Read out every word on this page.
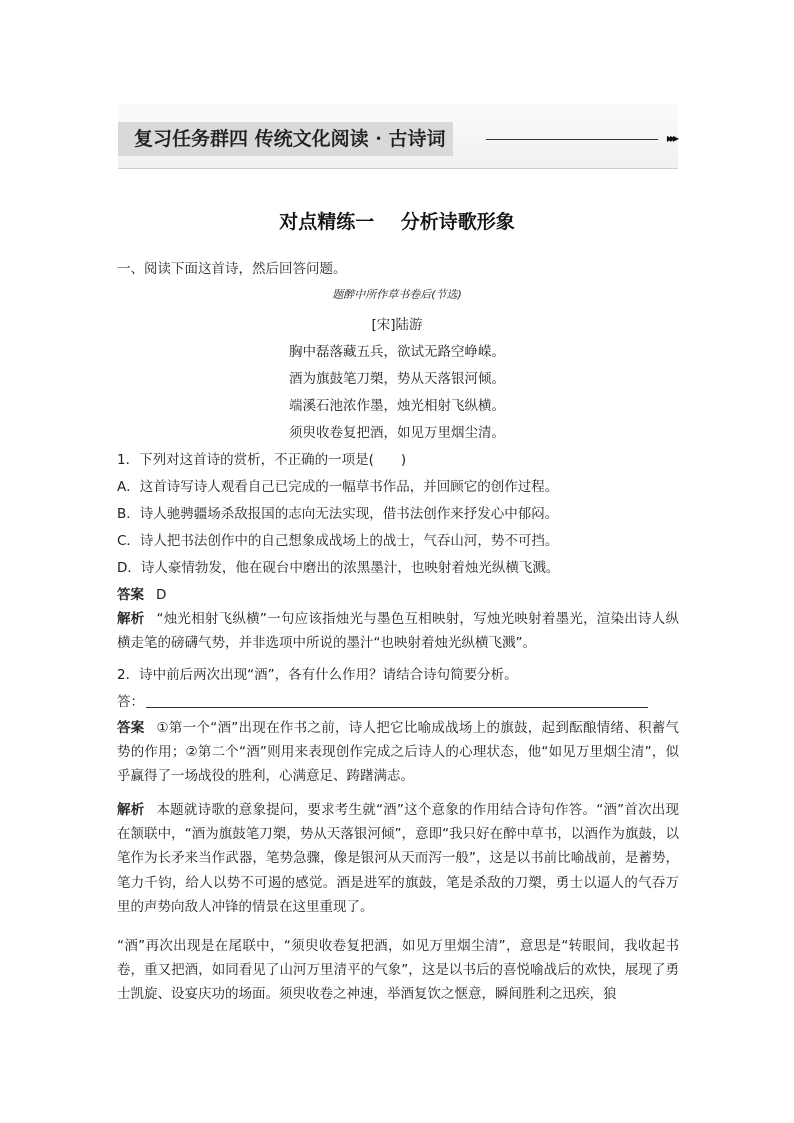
复习任务群四 传统文化阅读 · 古诗词	▸▸▸
对点精练一    分析诗歌形象
一、阅读下面这首诗，然后回答问题。
题醉中所作草书卷后(节选)
[宋]陆游
胸中磊落藏五兵，欲试无路空峥嵘。
酒为旗鼓笔刀槊，势从天落银河倾。
端溪石池浓作墨，烛光相射飞纵横。
须臾收卷复把酒，如见万里烟尘清。
1．下列对这首诗的赏析，不正确的一项是(　　)
A．这首诗写诗人观看自己已完成的一幅草书作品，并回顾它的创作过程。
B．诗人驰骋疆场杀敌报国的志向无法实现，借书法创作来抒发心中郁闷。
C．诗人把书法创作中的自己想象成战场上的战士，气吞山河，势不可挡。
D．诗人豪情勃发，他在砚台中磨出的浓黑墨汁，也映射着烛光纵横飞溅。
答案 D
解析 “烛光相射飞纵横”一句应该指烛光与墨色互相映射，写烛光映射着墨光，渲染出诗人纵横走笔的磅礴气势，并非选项中所说的墨汁“也映射着烛光纵横飞溅”。
2．诗中前后两次出现“酒”，各有什么作用？请结合诗句简要分析。
答：
答案 ①第一个“酒”出现在作书之前，诗人把它比喻成战场上的旗鼓，起到酝酿情绪、积蓄气势的作用；②第二个“酒”则用来表现创作完成之后诗人的心理状态，他“如见万里烟尘清”，似乎赢得了一场战役的胜利，心满意足、踌躇满志。
解析 本题就诗歌的意象提问，要求考生就“酒”这个意象的作用结合诗句作答。“酒”首次出现在颔联中，“酒为旗鼓笔刀槊，势从天落银河倾”，意即“我只好在醉中草书，以酒作为旗鼓，以笔作为长矛来当作武器，笔势急骤，像是银河从天而泻一般”，这是以书前比喻战前，是蓄势，笔力千钧，给人以势不可遏的感觉。酒是进军的旗鼓，笔是杀敌的刀槊，勇士以逼人的气吞万里的声势向敌人冲锋的情景在这里重现了。
“酒”再次出现是在尾联中，“须臾收卷复把酒，如见万里烟尘清”，意思是“转眼间，我收起书卷，重又把酒，如同看见了山河万里清平的气象”，这是以书后的喜悦喻战后的欢快，展现了勇士凯旋、设宴庆功的场面。须臾收卷之神速，举酒复饮之惬意，瞬间胜利之迅疾，狼
